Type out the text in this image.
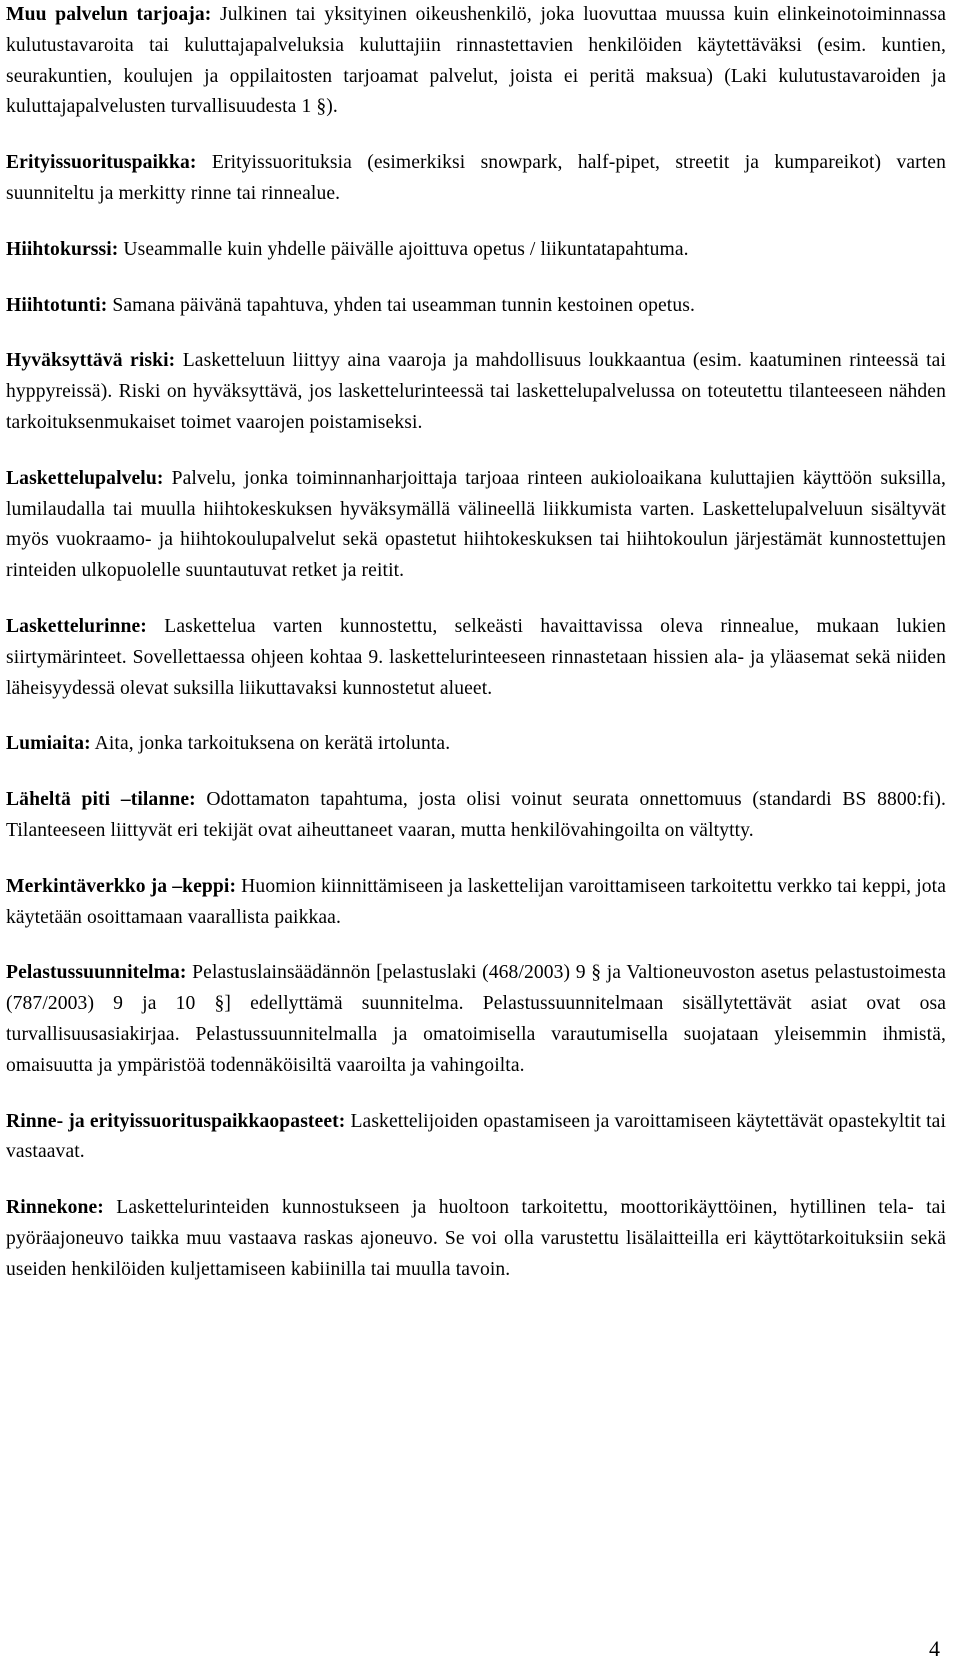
Muu palvelun tarjoaja: Julkinen tai yksityinen oikeushenkilö, joka luovuttaa muussa kuin elinkeinotoiminnassa kulutustavaroita tai kuluttajapalveluksia kuluttajiin rinnastettavien henkilöiden käytettäväksi (esim. kuntien, seurakuntien, koulujen ja oppilaitosten tarjoamat palvelut, joista ei peritä maksua) (Laki kulutustavaroiden ja kuluttajapalvelusten turvallisuudesta 1 §).

Erityissuorituspaikka: Erityissuorituksia (esimerkiksi snowpark, half-pipet, streetit ja kumpareikot) varten suunniteltu ja merkitty rinne tai rinnealue.

Hiihtokurssi: Useammalle kuin yhdelle päivälle ajoittuva opetus / liikuntatapahtuma.

Hiihtotunti: Samana päivänä tapahtuva, yhden tai useamman tunnin kestoinen opetus.

Hyväksyttävä riski: Lasketteluun liittyy aina vaaroja ja mahdollisuus loukkaantua (esim. kaatuminen rinteessä tai hyppyreissä). Riski on hyväksyttävä, jos laskettelurinteessä tai laskettelupalvelussa on toteutettu tilanteeseen nähden tarkoituksenmukaiset toimet vaarojen poistamiseksi.

Laskettelupalvelu: Palvelu, jonka toiminnanharjoittaja tarjoaa rinteen aukioloaikana kuluttajien käyttöön suksilla, lumilaudalla tai muulla hiihtokeskuksen hyväksymällä välineellä liikkumista varten. Laskettelupalveluun sisältyvät myös vuokraamo- ja hiihtokoulupalvelut sekä opastetut hiihtokeskuksen tai hiihtokoulun järjestämät kunnostettujen rinteiden ulkopuolelle suuntautuvat retket ja reitit.

Laskettelurinne: Laskettelua varten kunnostettu, selkeästi havaittavissa oleva rinnealue, mukaan lukien siirtymärinteet. Sovellettaessa ohjeen kohtaa 9. laskettelurinteeseen rinnastetaan hissien ala- ja yläasemat sekä niiden läheisyydessä olevat suksilla liikuttavaksi kunnostetut alueet.

Lumiaita: Aita, jonka tarkoituksena on kerätä irtolunta.

Läheltä piti –tilanne: Odottamaton tapahtuma, josta olisi voinut seurata onnettomuus (standardi BS 8800:fi). Tilanteeseen liittyvät eri tekijät ovat aiheuttaneet vaaran, mutta henkilövahingoilta on vältytty.

Merkintäverkko ja –keppi: Huomion kiinnittämiseen ja laskettelijan varoittamiseen tarkoitettu verkko tai keppi, jota käytetään osoittamaan vaarallista paikkaa.

Pelastussuunnitelma: Pelastuslainsäädännön [pelastuslaki (468/2003) 9 § ja Valtioneuvoston asetus pelastustoimesta (787/2003) 9 ja 10 §] edellyttämä suunnitelma. Pelastussuunnitelmaan sisällytettävät asiat ovat osa turvallisuusasiakirjaa. Pelastussuunnitelmalla ja omatoimisella varautumisella suojataan yleisemmin ihmistä, omaisuutta ja ympäristöä todennäköisiltä vaaroilta ja vahingoilta.

Rinne- ja erityissuorituspaikkaopasteet: Laskettelijoiden opastamiseen ja varoittamiseen käytettävät opastekyltit tai vastaavat.

Rinnekone: Laskettelurinteiden kunnostukseen ja huoltoon tarkoitettu, moottorikäyttöinen, hytillinen tela- tai pyöräajoneuvo taikka muu vastaava raskas ajoneuvo. Se voi olla varustettu lisälaitteilla eri käyttötarkoituksiin sekä useiden henkilöiden kuljettamiseen kabiinilla tai muulla tavoin.

4
